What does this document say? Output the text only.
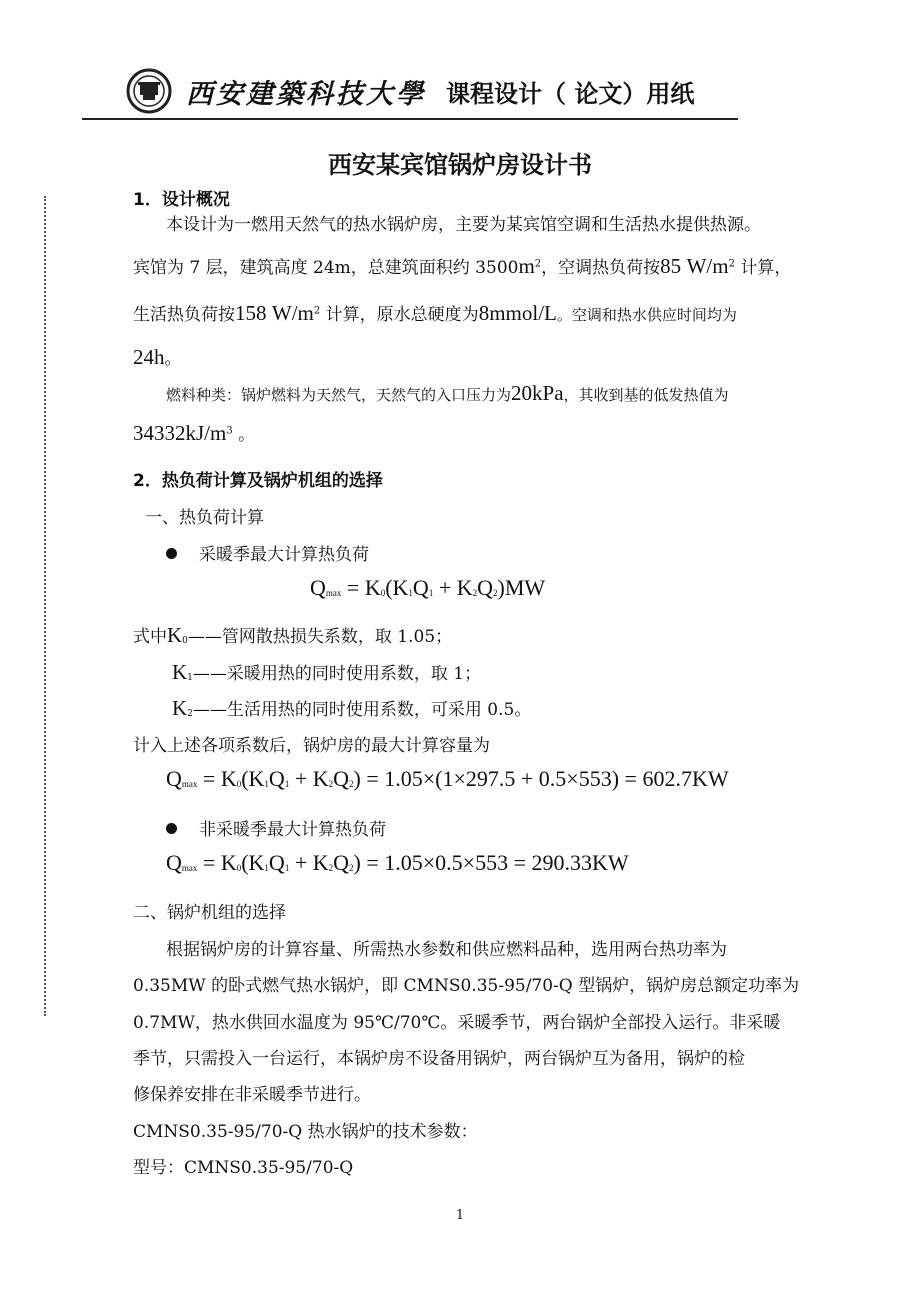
西安建築科技大學 课程设计（ 论文）用纸
西安某宾馆锅炉房设计书
1．设计概况
本设计为一燃用天然气的热水锅炉房，主要为某宾馆空调和生活热水提供热源。
宾馆为 7 层，建筑高度 24m，总建筑面积约 $3500m^2$，空调热负荷按85 $W/m^2$ 计算，
生活热负荷按158 $W/m^2$ 计算，原水总硬度为8mmol/L。空调和热水供应时间均为
24h。
燃料种类：锅炉燃料为天然气，天然气的入口压力为20kPa，其收到基的低发热值为
$34332kJ/m^3$ 。
2．热负荷计算及锅炉机组的选择
一、热负荷计算
采暖季最大计算热负荷
$Q_{max} = K_0(K_1Q_1 + K_2Q_2)MW$
式中$K_0——$管网散热损失系数，取 1.05；
$K_1——$采暖用热的同时使用系数，取 1；
$K_2——$生活用热的同时使用系数，可采用 0.5。
计入上述各项系数后，锅炉房的最大计算容量为
$Q_{max} = K_0(K_1Q_1 + K_2Q_2) = 1.05\times(1\times 297.5 + 0.5\times 553) = 602.7KW$
非采暖季最大计算热负荷
$Q_{max} = K_0(K_1Q_1 + K_2Q_2) = 1.05\times 0.5\times 553 = 290.33KW$
二、锅炉机组的选择
根据锅炉房的计算容量、所需热水参数和供应燃料品种，选用两台热功率为
0.35MW 的卧式燃气热水锅炉，即 CMNS0.35-95/70-Q 型锅炉，锅炉房总额定功率为
0.7MW，热水供回水温度为 95℃/70℃。采暖季节，两台锅炉全部投入运行。非采暖
季节，只需投入一台运行，本锅炉房不设备用锅炉，两台锅炉互为备用，锅炉的检
修保养安排在非采暖季节进行。
CMNS0.35-95/70-Q 热水锅炉的技术参数：
型号：CMNS0.35-95/70-Q
1
